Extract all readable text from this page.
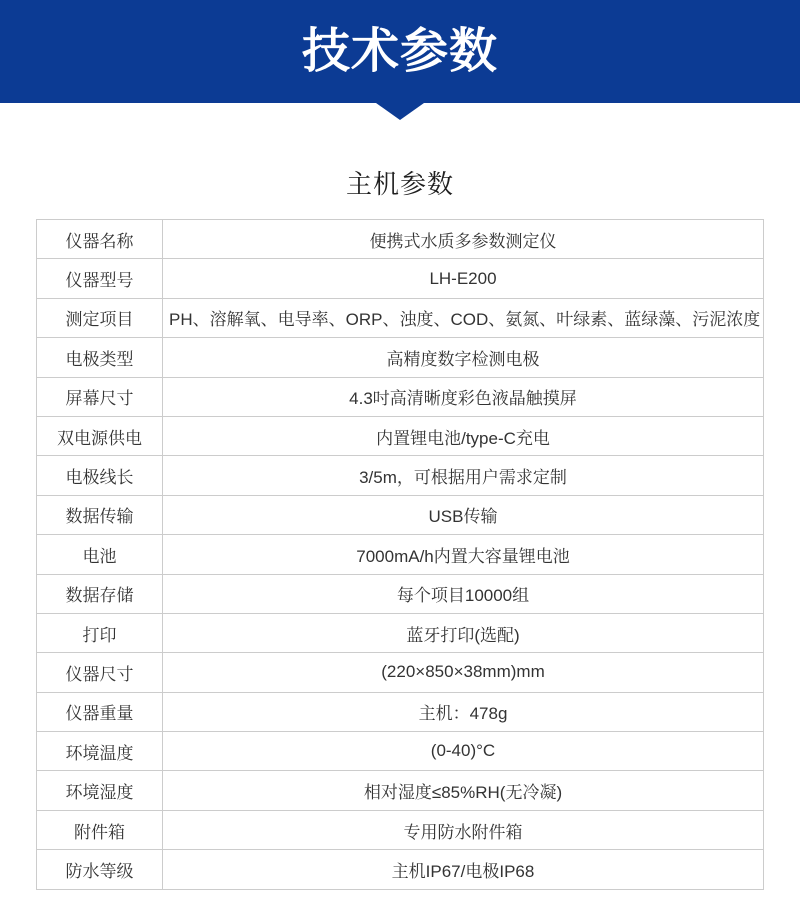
技术参数
主机参数
仪器名称	便携式水质多参数测定仪
仪器型号	LH-E200
测定项目	PH、溶解氧、电导率、ORP、浊度、COD、氨氮、叶绿素、蓝绿藻、污泥浓度
电极类型	高精度数字检测电极
屏幕尺寸	4.3吋高清晰度彩色液晶触摸屏
双电源供电	内置锂电池/type-C充电
电极线长	3/5m，可根据用户需求定制
数据传输	USB传输
电池	7000mA/h内置大容量锂电池
数据存储	每个项目10000组
打印	蓝牙打印(选配)
仪器尺寸	(220×850×38mm)mm
仪器重量	主机：478g
环境温度	(0-40)°C
环境湿度	相对湿度≤85%RH(无冷凝)
附件箱	专用防水附件箱
防水等级	主机IP67/电极IP68
